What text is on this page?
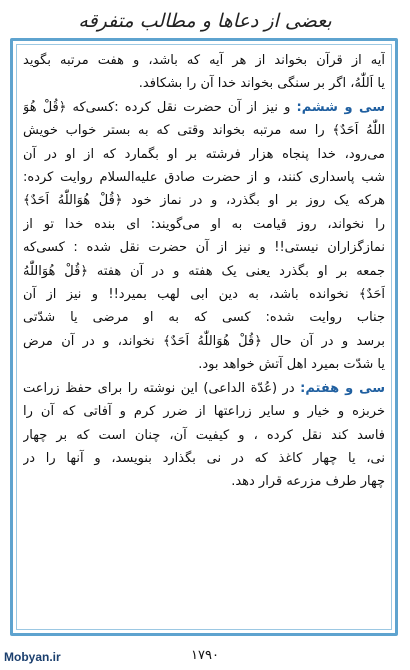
بعضی از دعاها و مطالب متفرقه
آیه از قرآن بخواند از هر آیه که باشد، و هفت مرتبه بگوید
یا اَللّٰهُ، اگر بر سنگی بخواند خدا آن را بشکافد.
سی و ششم: و نیز از آن حضرت نقل کرده :کسی‌که ﴿قُلْ هُوَ
اللّٰهُ اَحَدٌ﴾ را سه مرتبه بخواند وقتی که به بستر خواب خویش
می‌رود، خدا پنجاه هزار فرشته بر او بگمارد که از او در آن
شب پاسداری کنند، و از حضرت صادق عليه‌السلام روایت کرده:
هرکه یک روز بر او بگذرد، و در نماز خود ﴿قُلْ هُوَاللّٰهُ اَحَدٌ﴾
را نخواند، روز قیامت به او می‌گویند: ای بنده خدا تو از
نمازگزاران نیستی!! و نیز از آن حضرت نقل شده : کسی‌که
جمعه بر او بگذرد یعنی یک هفته و در آن هفته ﴿قُلْ هُوَاللّٰهُ
اَحَدٌ﴾ نخوانده باشد، به دین ابی لهب بمیرد!! و نیز از آن
جناب روایت شده: کسی که به او مرضی یا شدّتی
برسد و در آن حال ﴿قُلْ هُوَاللّٰهُ اَحَدٌ﴾ نخواند، و در آن مرض
یا شدّت بمیرد اهل آتش خواهد بود.
سی و هفتم: در (عُدّة الداعی) این نوشته را برای حفظ زراعت
خربزه و خیار و سایر زراعتها از ضرر کرم و آفاتی که آن را
فاسد کند نقل کرده ، و کیفیت آن، چنان است که بر چهار
نی، یا چهار کاغذ که در نی بگذارد بنویسد، و آنها را در
چهار طرف مزرعه قرار دهد.
Mobyan.ir	۱۷۹۰
